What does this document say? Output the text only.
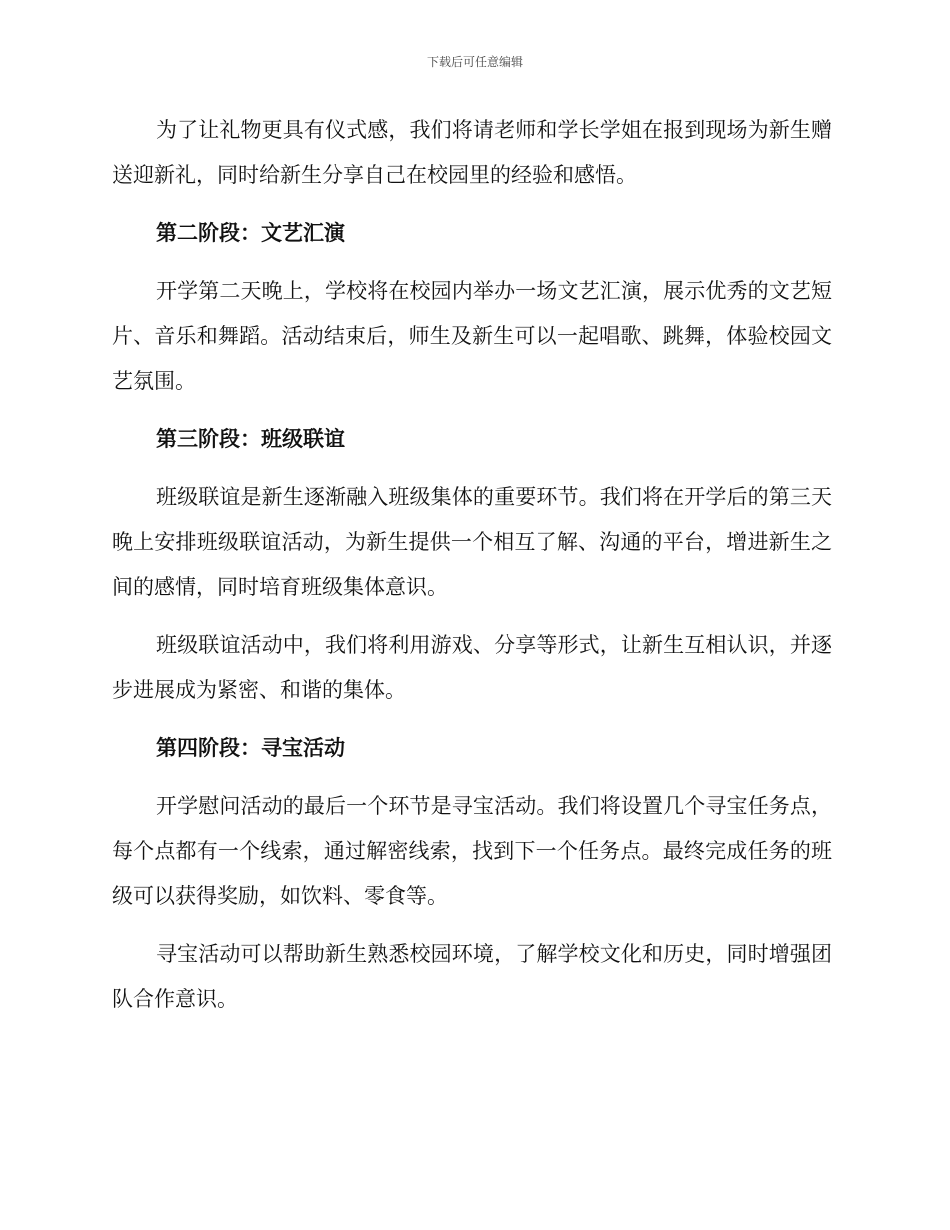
下载后可任意编辑

为了让礼物更具有仪式感，我们将请老师和学长学姐在报到现场为新生赠送迎新礼，同时给新生分享自己在校园里的经验和感悟。

第二阶段：文艺汇演

开学第二天晚上，学校将在校园内举办一场文艺汇演，展示优秀的文艺短片、音乐和舞蹈。活动结束后，师生及新生可以一起唱歌、跳舞，体验校园文艺氛围。

第三阶段：班级联谊

班级联谊是新生逐渐融入班级集体的重要环节。我们将在开学后的第三天晚上安排班级联谊活动，为新生提供一个相互了解、沟通的平台，增进新生之间的感情，同时培育班级集体意识。

班级联谊活动中，我们将利用游戏、分享等形式，让新生互相认识，并逐步进展成为紧密、和谐的集体。

第四阶段：寻宝活动

开学慰问活动的最后一个环节是寻宝活动。我们将设置几个寻宝任务点，每个点都有一个线索，通过解密线索，找到下一个任务点。最终完成任务的班级可以获得奖励，如饮料、零食等。

寻宝活动可以帮助新生熟悉校园环境，了解学校文化和历史，同时增强团队合作意识。
